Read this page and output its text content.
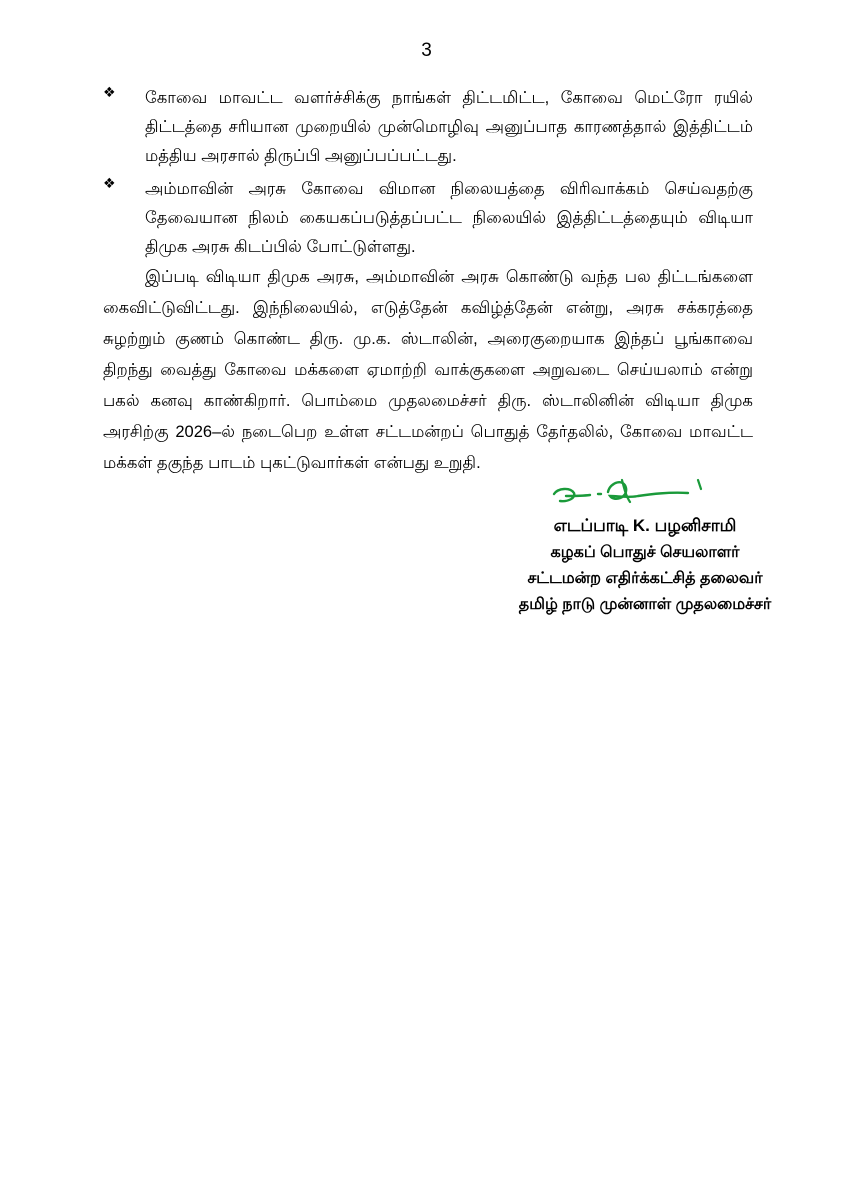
3
❖ கோவை மாவட்ட வளர்ச்சிக்கு நாங்கள் திட்டமிட்ட, கோவை மெட்ரோ ரயில் திட்டத்தை சரியான முறையில் முன்மொழிவு அனுப்பாத காரணத்தால் இத்திட்டம் மத்திய அரசால் திருப்பி அனுப்பப்பட்டது.

❖ அம்மாவின் அரசு கோவை விமான நிலையத்தை விரிவாக்கம் செய்வதற்கு தேவையான நிலம் கையகப்படுத்தப்பட்ட நிலையில் இத்திட்டத்தையும் விடியா திமுக அரசு கிடப்பில் போட்டுள்ளது.

இப்படி விடியா திமுக அரசு, அம்மாவின் அரசு கொண்டு வந்த பல திட்டங்களை கைவிட்டுவிட்டது. இந்நிலையில், எடுத்தேன் கவிழ்த்தேன் என்று, அரசு சக்கரத்தை சுழற்றும் குணம் கொண்ட திரு. மு.க. ஸ்டாலின், அரைகுறையாக இந்தப் பூங்காவை திறந்து வைத்து கோவை மக்களை ஏமாற்றி வாக்குகளை அறுவடை செய்யலாம் என்று பகல் கனவு காண்கிறார். பொம்மை முதலமைச்சர் திரு. ஸ்டாலினின் விடியா திமுக அரசிற்கு 2026–ல் நடைபெற உள்ள சட்டமன்றப் பொதுத் தேர்தலில், கோவை மாவட்ட மக்கள் தகுந்த பாடம் புகட்டுவார்கள் என்பது உறுதி.

எடப்பாடி K. பழனிசாமி
கழகப் பொதுச் செயலாளர்
சட்டமன்ற எதிர்க்கட்சித் தலைவர்
தமிழ் நாடு முன்னாள் முதலமைச்சர்
